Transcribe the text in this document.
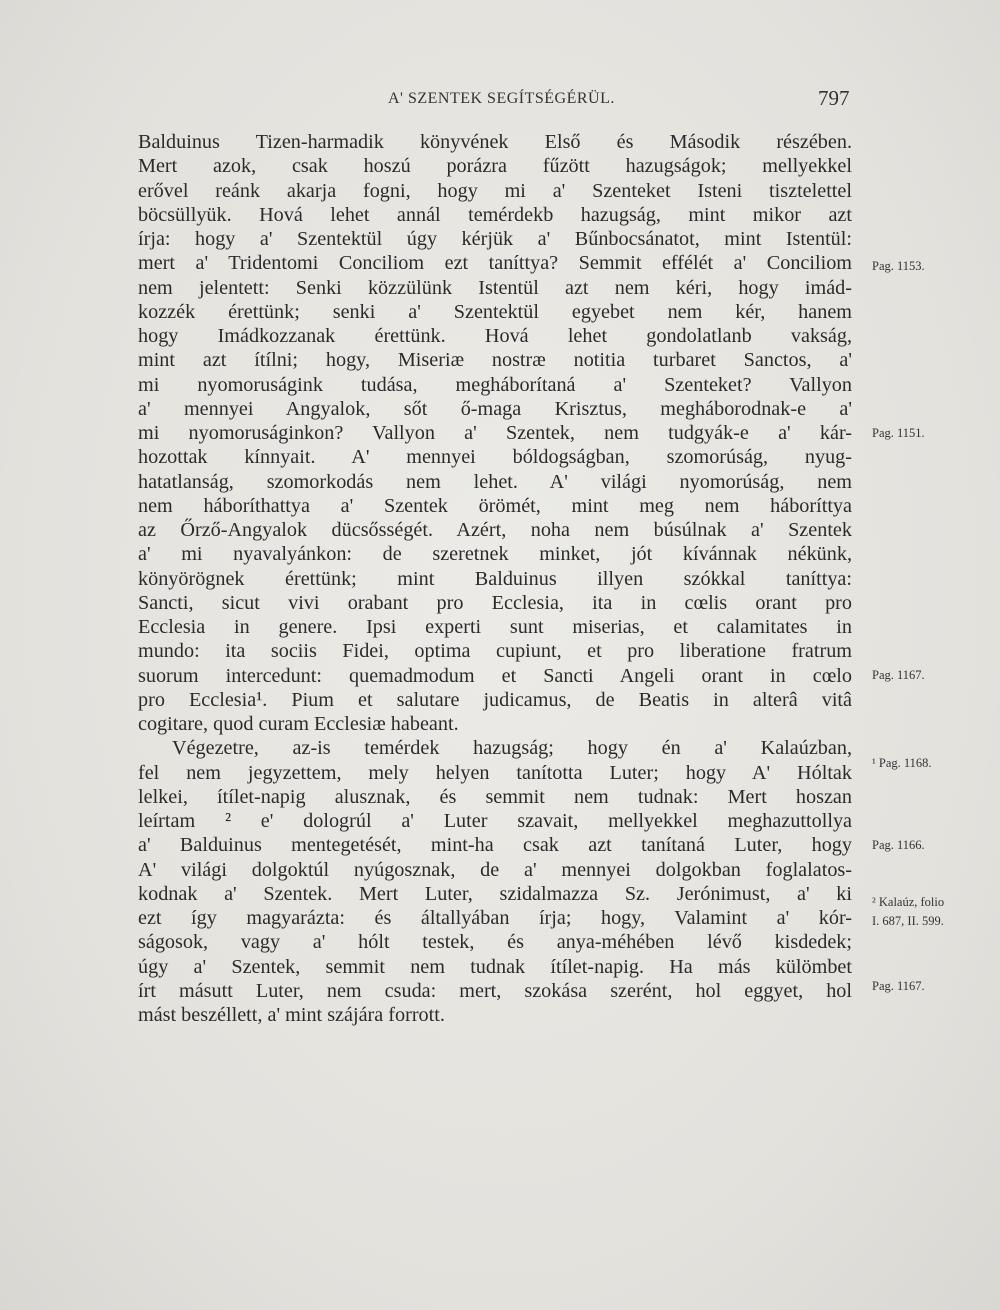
A' SZENTEK SEGÍTSÉGÉRÜL.	797
Balduinus Tizen-harmadik könyvének Első és Második részében.
Mert azok, csak hoszú porázra fűzött hazugságok; mellyekkel
erővel reánk akarja fogni, hogy mi a' Szenteket Isteni tisztelettel
böcsüllyük. Hová lehet annál temérdekb hazugság, mint mikor azt
írja: hogy a' Szentektül úgy kérjük a' Bűnbocsánatot, mint Istentül:
mert a' Tridentomi Conciliom ezt taníttya? Semmit effélét a' Conciliom
nem jelentett: Senki közzülünk Istentül azt nem kéri, hogy imád-
kozzék érettünk; senki a' Szentektül egyebet nem kér, hanem
hogy Imádkozzanak érettünk. Hová lehet gondolatlanb vakság,
mint azt ítílni; hogy, Miseriæ nostræ notitia turbaret Sanctos, a'
mi nyomoruságink tudása, megháborítaná a' Szenteket? Vallyon
a' mennyei Angyalok, sőt ő-maga Krisztus, megháborodnak-e a'
mi nyomoruságinkon? Vallyon a' Szentek, nem tudgyák-e a' kár-
hozottak kínnyait. A' mennyei bóldogságban, szomorúság, nyug-
hatatlanság, szomorkodás nem lehet. A' világi nyomorúság, nem
nem háboríthattya a' Szentek örömét, mint meg nem háboríttya
az Őrző-Angyalok dücsősségét. Azért, noha nem búsúlnak a' Szentek
a' mi nyavalyánkon: de szeretnek minket, jót kívánnak nékünk,
könyörögnek érettünk; mint Balduinus illyen szókkal taníttya:
Sancti, sicut vivi orabant pro Ecclesia, ita in cœlis orant pro
Ecclesia in genere. Ipsi experti sunt miserias, et calamitates in
mundo: ita sociis Fidei, optima cupiunt, et pro liberatione fratrum
suorum intercedunt: quemadmodum et Sancti Angeli orant in cœlo
pro Ecclesia¹. Pium et salutare judicamus, de Beatis in alterâ vitâ
cogitare, quod curam Ecclesiæ habeant.
Végezetre, az-is temérdek hazugság; hogy én a' Kalaúzban,
fel nem jegyzettem, mely helyen tanította Luter; hogy A' Hóltak
lelkei, ítílet-napig alusznak, és semmit nem tudnak: Mert hoszan
leírtam ² e' dologrúl a' Luter szavait, mellyekkel meghazuttollya
a' Balduinus mentegetését, mint-ha csak azt tanítaná Luter, hogy
A' világi dolgoktúl nyúgosznak, de a' mennyei dolgokban foglalatos-
kodnak a' Szentek. Mert Luter, szidalmazza Sz. Jerónimust, a' ki
ezt így magyarázta: és általlyában írja; hogy, Valamint a' kór-
ságosok, vagy a' hólt testek, és anya-méhében lévő kisdedek;
úgy a' Szentek, semmit nem tudnak ítílet-napig. Ha más külömbet
írt másutt Luter, nem csuda: mert, szokása szerént, hol eggyet, hol
mást beszéllett, a' mint szájára forrott.
Pag. 1153.
Pag. 1151.
Pag. 1167.
¹ Pag. 1168.
Pag. 1166.
² Kalaúz, folio
I. 687, II. 599.
Pag. 1167.
